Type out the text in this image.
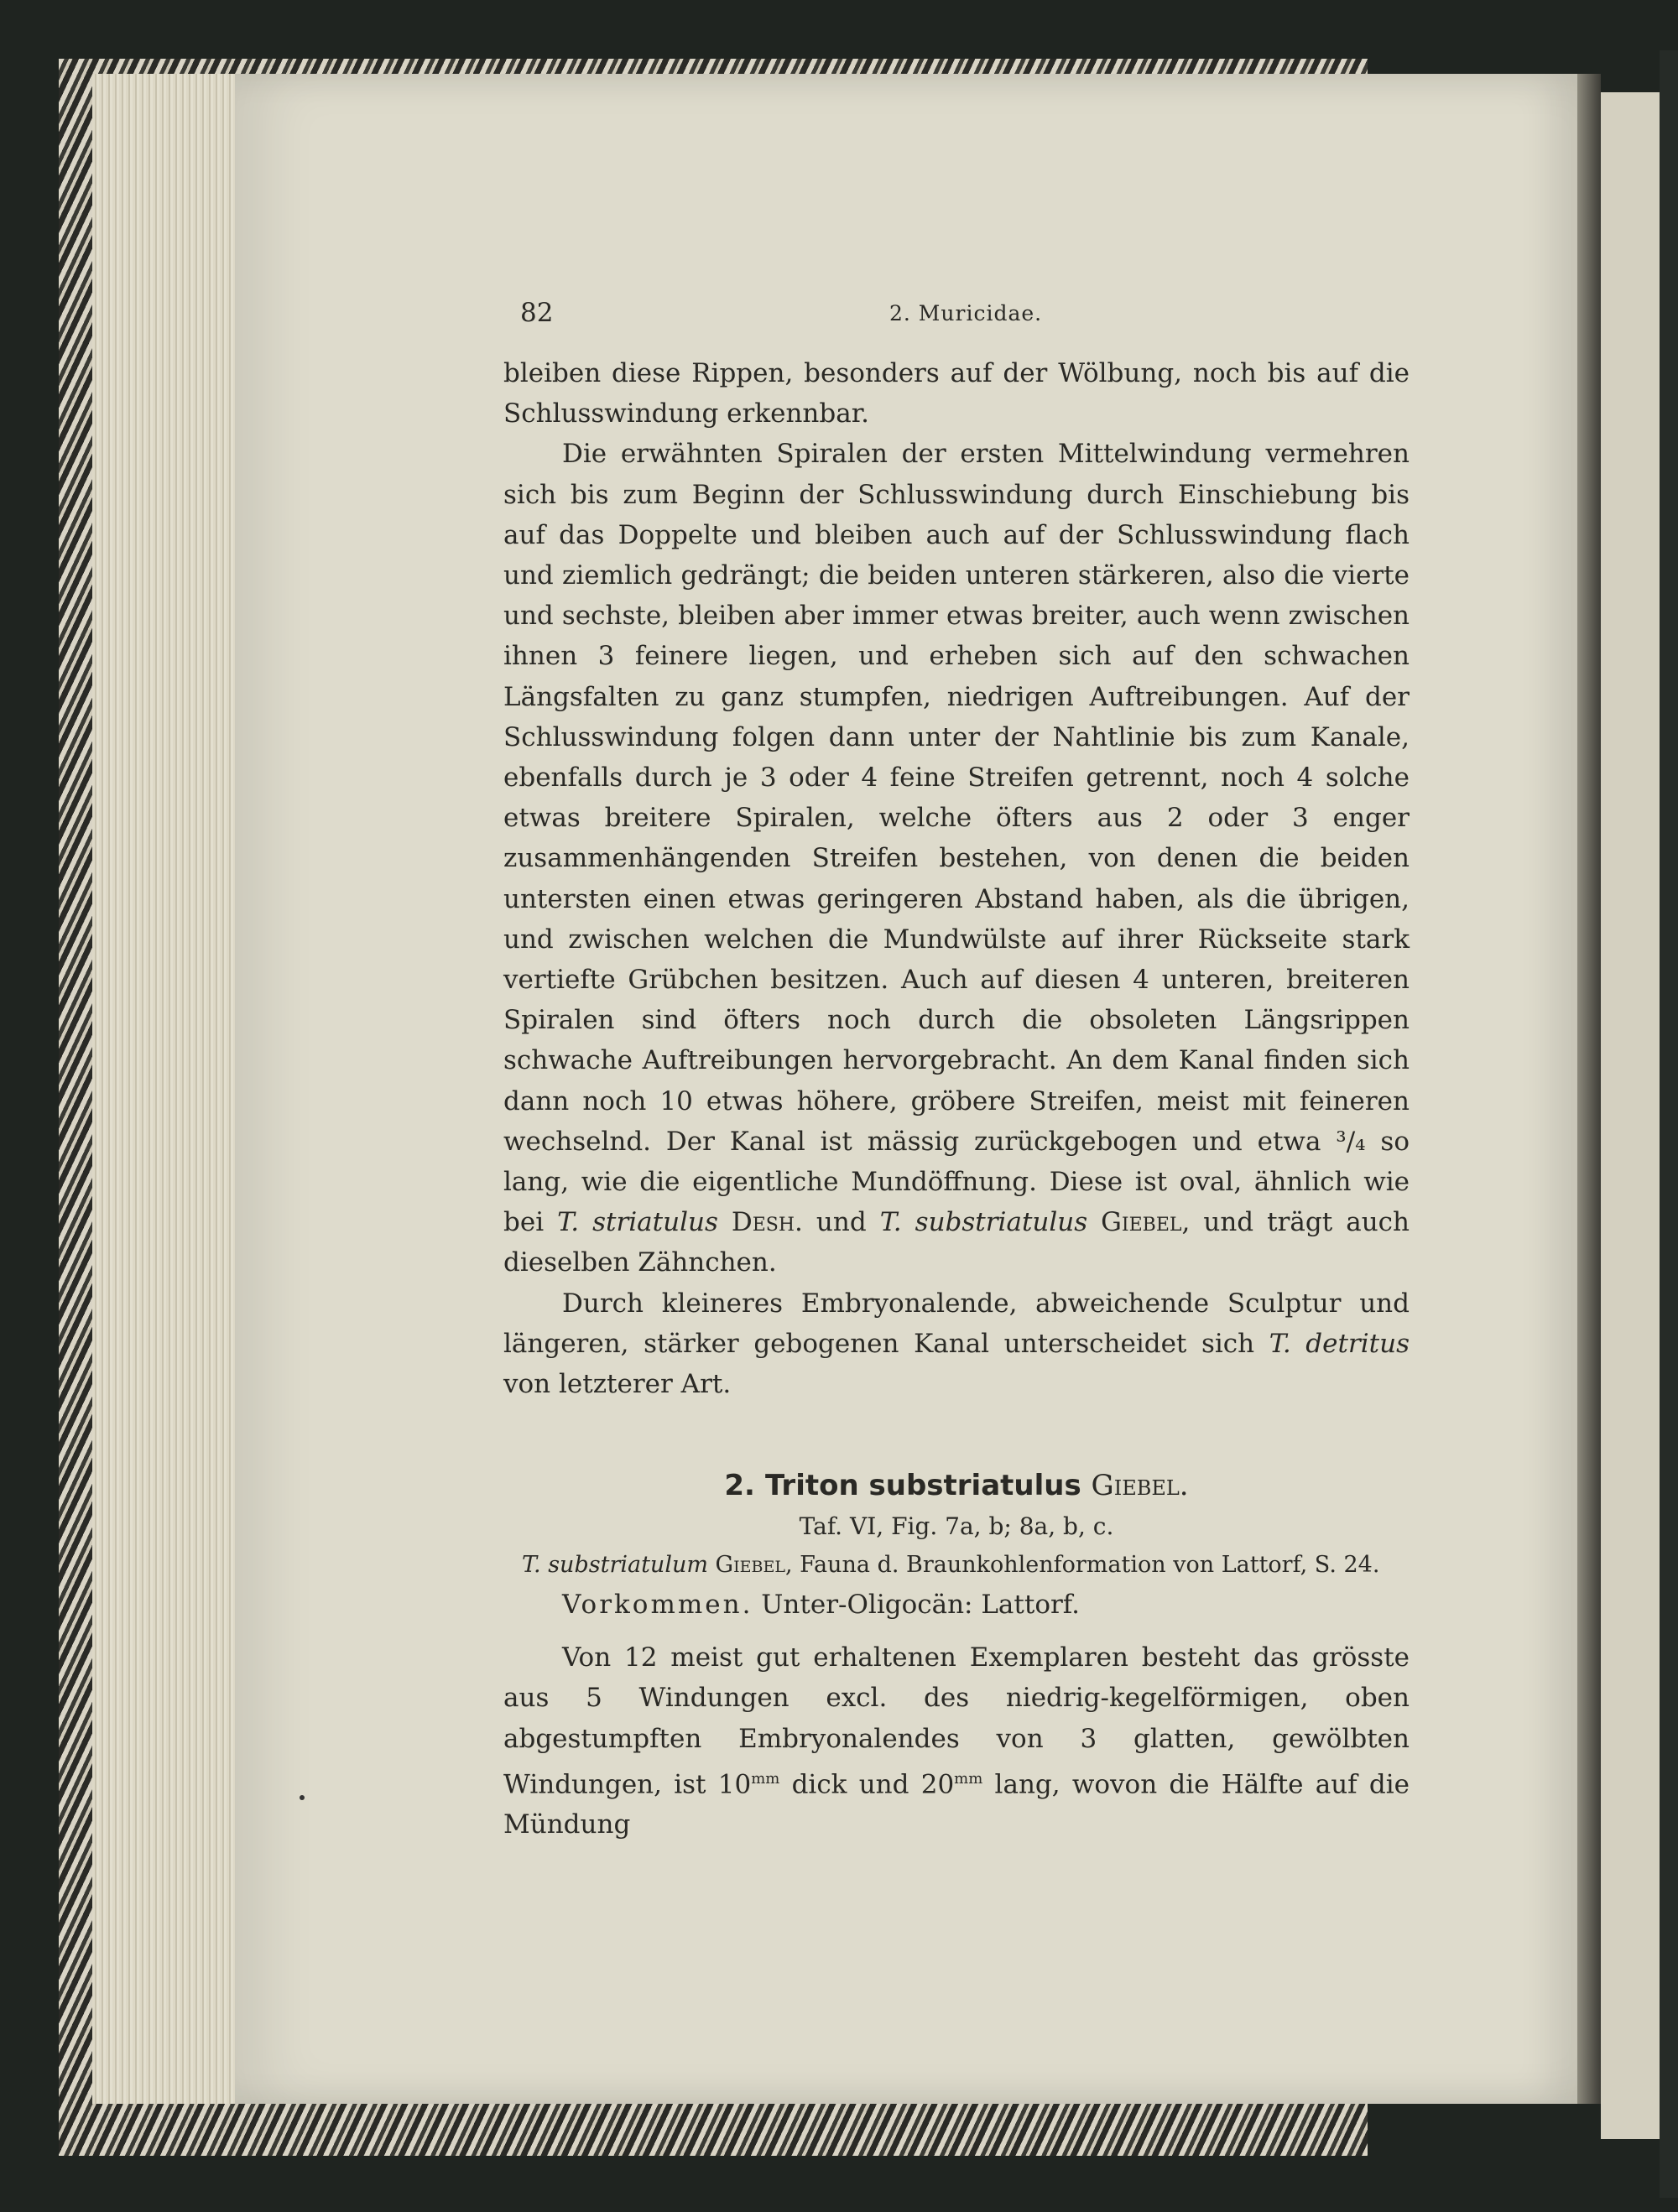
82	2. Muricidae.

bleiben diese Rippen, besonders auf der Wölbung, noch bis auf die Schlusswindung erkennbar.

Die erwähnten Spiralen der ersten Mittelwindung vermehren sich bis zum Beginn der Schlusswindung durch Einschiebung bis auf das Doppelte und bleiben auch auf der Schlusswindung flach und ziemlich gedrängt; die beiden unteren stärkeren, also die vierte und sechste, bleiben aber immer etwas breiter, auch wenn zwischen ihnen 3 feinere liegen, und erheben sich auf den schwachen Längsfalten zu ganz stumpfen, niedrigen Auftreibungen. Auf der Schlusswindung folgen dann unter der Nahtlinie bis zum Kanale, ebenfalls durch je 3 oder 4 feine Streifen getrennt, noch 4 solche etwas breitere Spiralen, welche öfters aus 2 oder 3 enger zusammenhängenden Streifen bestehen, von denen die beiden untersten einen etwas geringeren Abstand haben, als die übrigen, und zwischen welchen die Mundwülste auf ihrer Rückseite stark vertiefte Grübchen besitzen. Auch auf diesen 4 unteren, breiteren Spiralen sind öfters noch durch die obsoleten Längsrippen schwache Auftreibungen hervorgebracht. An dem Kanal finden sich dann noch 10 etwas höhere, gröbere Streifen, meist mit feineren wechselnd. Der Kanal ist mässig zurückgebogen und etwa ³/₄ so lang, wie die eigentliche Mundöffnung. Diese ist oval, ähnlich wie bei T. striatulus Desh. und T. substriatulus Giebel, und trägt auch dieselben Zähnchen.

Durch kleineres Embryonalende, abweichende Sculptur und längeren, stärker gebogenen Kanal unterscheidet sich T. detritus von letzterer Art.

2. Triton substriatulus Giebel.
Taf. VI, Fig. 7a, b; 8a, b, c.

T. substriatulum Giebel, Fauna d. Braunkohlenformation von Lattorf, S. 24.

Vorkommen. Unter-Oligocän: Lattorf.

Von 12 meist gut erhaltenen Exemplaren besteht das grösste aus 5 Windungen excl. des niedrig-kegelförmigen, oben abgestumpften Embryonalendes von 3 glatten, gewölbten Windungen, ist $10^{mm}$ dick und $20^{mm}$ lang, wovon die Hälfte auf die Mündung
